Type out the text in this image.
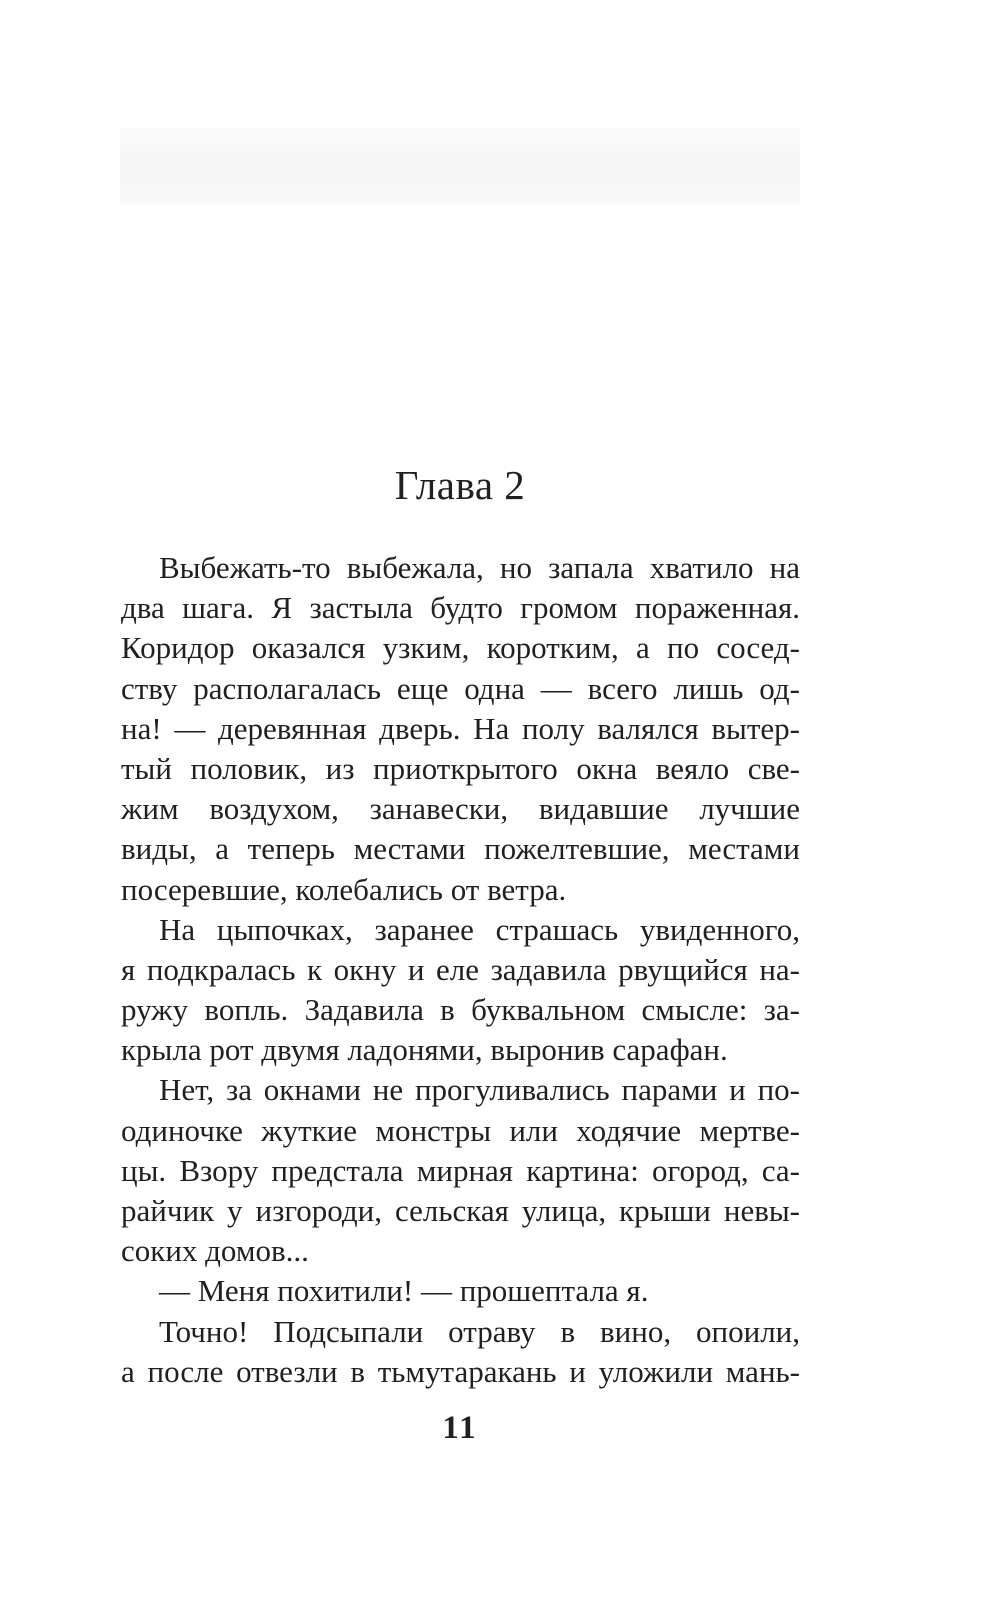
Глава 2
Выбежать-то выбежала, но запала хватило на
два шага. Я застыла будто громом пораженная.
Коридор оказался узким, коротким, а по сосед-
ству располагалась еще одна — всего лишь од-
на! — деревянная дверь. На полу валялся вытер-
тый половик, из приоткрытого окна веяло све-
жим воздухом, занавески, видавшие лучшие
виды, а теперь местами пожелтевшие, местами
посеревшие, колебались от ветра.
На цыпочках, заранее страшась увиденного,
я подкралась к окну и еле задавила рвущийся на-
ружу вопль. Задавила в буквальном смысле: за-
крыла рот двумя ладонями, выронив сарафан.
Нет, за окнами не прогуливались парами и по-
одиночке жуткие монстры или ходячие мертве-
цы. Взору предстала мирная картина: огород, са-
райчик у изгороди, сельская улица, крыши невы-
соких домов...
— Меня похитили! — прошептала я.
Точно! Подсыпали отраву в вино, опоили,
а после отвезли в тьмутаракань и уложили мань-
11
